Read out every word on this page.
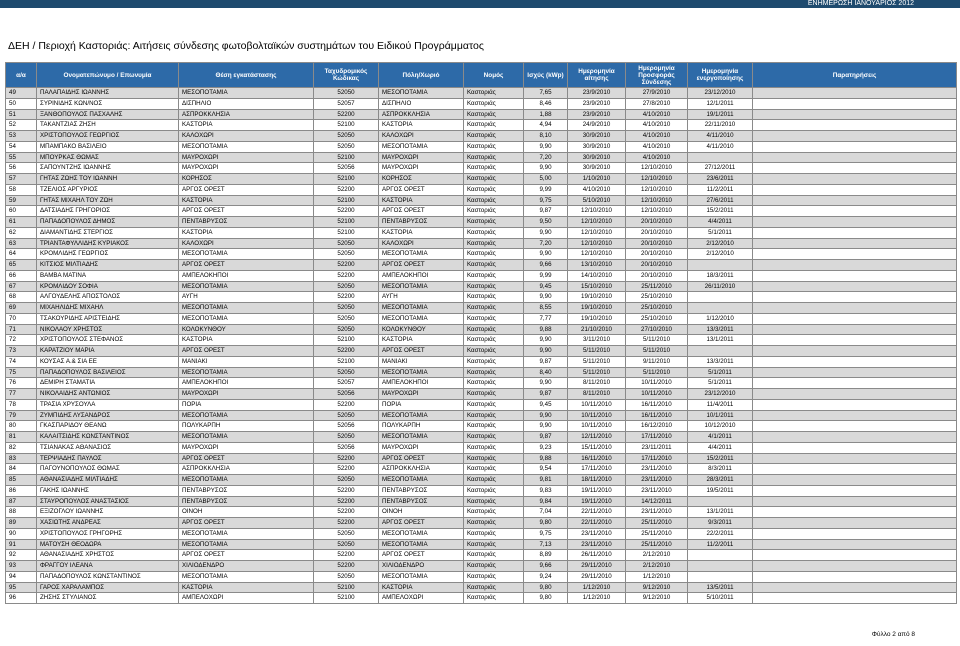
ΕΝΗΜΕΡΩΣΗ ΙΑΝΟΥΑΡΙΟΣ 2012
ΔΕΗ / Περιοχή Καστοριάς: Αιτήσεις σύνδεσης φωτοβολταϊκών συστημάτων του Ειδικού Προγράμματος
α/α	Ονοματεπώνυμο / Επωνυμία	Θέση εγκατάστασης	Ταχυδρομικός Κώδικας	Πόλη/Χωριό	Νομός	Ισχύς (kWp)	Ημερομηνία αίτησης	Ημερομηνία Προσφοράς Σύνδεσης	Ημερομηνία ενεργοποίησης	Παρατηρήσεις
49	ΠΑΛΑΠΑΙΔΗΣ ΙΩΑΝΝΗΣ	ΜΕΣΟΠΟΤΑΜΙΑ	52050	ΜΕΣΟΠΟΤΑΜΙΑ	Καστοριάς	7,65	23/9/2010	27/9/2010	23/12/2010	
50	ΣΥΡΙΝΙΔΗΣ ΚΩΝ/ΝΟΣ	ΔΙΣΠΗΛΙΟ	52057	ΔΙΣΠΗΛΙΟ	Καστοριάς	8,46	23/9/2010	27/8/2010	12/1/2011	
51	ΞΑΝΘΟΠΟΥΛΟΣ ΠΑΣΧΑΛΗΣ	ΑΣΠΡΟΚΚΛΗΣΙΑ	52200	ΑΣΠΡΟΚΚΛΗΣΙΑ	Καστοριάς	1,88	23/9/2010	4/10/2010	19/1/2011	
52	ΤΑΚΑΝΤΖΙΑΣ ΖΗΣΗ	ΚΑΣΤΟΡΙΑ	52100	ΚΑΣΤΟΡΙΑ	Καστοριάς	4,94	24/9/2010	4/10/2010	22/11/2010	
53	ΧΡΙΣΤΟΠΟΥΛΟΣ ΓΕΩΡΓΙΟΣ	ΚΑΛΟΧΩΡΙ	52050	ΚΑΛΟΧΩΡΙ	Καστοριάς	8,10	30/9/2010	4/10/2010	4/11/2010	
54	ΜΠΑΜΠΑΚΟ ΒΑΣΙΛΕΙΟ	ΜΕΣΟΠΟΤΑΜΙΑ	52050	ΜΕΣΟΠΟΤΑΜΙΑ	Καστοριάς	9,90	30/9/2010	4/10/2010	4/11/2010	
55	ΜΠΟΥΡΚΑΣ ΘΩΜΑΣ	ΜΑΥΡΟΧΩΡΙ	52100	ΜΑΥΡΟΧΩΡΙ	Καστοριάς	7,20	30/9/2010	4/10/2010		
56	ΣΑΠΟΥΝΤΖΗΣ ΙΩΑΝΝΗΣ	ΜΑΥΡΟΧΩΡΙ	52056	ΜΑΥΡΟΧΩΡΙ	Καστοριάς	9,90	30/9/2010	12/10/2010	27/12/2011	
57	ΓΗΤΑΣ ΖΩΗΣ ΤΟΥ ΙΩΑΝΝΗ	ΚΟΡΗΣΟΣ	52100	ΚΟΡΗΣΟΣ	Καστοριάς	5,00	1/10/2010	12/10/2010	23/6/2011	
58	ΤΖΕΛΙΟΣ ΑΡΓΥΡΙΟΣ	ΑΡΓΟΣ ΟΡΕΣΤ	52200	ΑΡΓΟΣ ΟΡΕΣΤ	Καστοριάς	9,99	4/10/2010	12/10/2010	11/2/2011	
59	ΓΗΤΑΣ ΜΙΧΑΗΛ ΤΟΥ ΖΩΗ	ΚΑΣΤΟΡΙΑ	52100	ΚΑΣΤΟΡΙΑ	Καστοριάς	9,75	5/10/2010	12/10/2010	27/6/2011	
60	ΔΑΤΣΙΑΔΗΣ ΓΡΗΓΟΡΙΟΣ	ΑΡΓΟΣ ΟΡΕΣΤ	52200	ΑΡΓΟΣ ΟΡΕΣΤ	Καστοριάς	9,87	12/10/2010	12/10/2010	15/2/2011	
61	ΠΑΠΑΔΟΠΟΥΛΟΣ ΔΗΜΟΣ	ΠΕΝΤΑΒΡΥΣΟΣ	52100	ΠΕΝΤΑΒΡΥΣΟΣ	Καστοριάς	9,50	12/10/2010	20/10/2010	4/4/2011	
62	ΔΙΑΜΑΝΤΙΔΗΣ ΣΤΕΡΓΙΟΣ	ΚΑΣΤΟΡΙΑ	52100	ΚΑΣΤΟΡΙΑ	Καστοριάς	9,90	12/10/2010	20/10/2010	5/1/2011	
63	ΤΡΙΑΝΤΑΦΥΛΛΙΔΗΣ ΚΥΡΙΑΚΟΣ	ΚΑΛΟΧΩΡΙ	52050	ΚΑΛΟΧΩΡΙ	Καστοριάς	7,20	12/10/2010	20/10/2010	2/12/2010	
64	ΚΡΟΜΛΙΔΗΣ ΓΕΩΡΓΙΟΣ	ΜΕΣΟΠΟΤΑΜΙΑ	52050	ΜΕΣΟΠΟΤΑΜΙΑ	Καστοριάς	9,90	12/10/2010	20/10/2010	2/12/2010	
65	ΚΙΤΣΙΟΣ ΜΙΛΤΙΑΔΗΣ	ΑΡΓΟΣ ΟΡΕΣΤ	52200	ΑΡΓΟΣ ΟΡΕΣΤ	Καστοριάς	9,66	13/10/2010	20/10/2010		
66	ΒΑΜΒΑ ΜΑΤΙΝΑ	ΑΜΠΕΛΟΚΗΠΟΙ	52200	ΑΜΠΕΛΟΚΗΠΟΙ	Καστοριάς	9,99	14/10/2010	20/10/2010	18/3/2011	
67	ΚΡΟΜΛΙΔΟΥ ΣΟΦΙΑ	ΜΕΣΟΠΟΤΑΜΙΑ	52050	ΜΕΣΟΠΟΤΑΜΙΑ	Καστοριάς	9,45	15/10/2010	25/11/2010	26/11/2010	
68	ΑΛΓΟΥΔΕΛΗΣ ΑΠΟΣΤΟΛΟΣ	ΑΥΓΗ	52200	ΑΥΓΗ	Καστοριάς	9,90	19/10/2010	25/10/2010		
69	ΜΙΧΑΗΛΙΔΗΣ ΜΙΧΑΗΛ	ΜΕΣΟΠΟΤΑΜΙΑ	52050	ΜΕΣΟΠΟΤΑΜΙΑ	Καστοριάς	8,55	19/10/2010	25/10/2010		
70	ΤΣΑΚΟΥΡΙΔΗΣ ΑΡΙΣΤΕΙΔΗΣ	ΜΕΣΟΠΟΤΑΜΙΑ	52050	ΜΕΣΟΠΟΤΑΜΙΑ	Καστοριάς	7,77	19/10/2010	25/10/2010	1/12/2010	
71	ΝΙΚΟΛΑΟΥ ΧΡΗΣΤΟΣ	ΚΟΛΟΚΥΝΘΟΥ	52050	ΚΟΛΟΚΥΝΘΟΥ	Καστοριάς	9,88	21/10/2010	27/10/2010	13/3/2011	
72	ΧΡΙΣΤΟΠΟΥΛΟΣ ΣΤΕΦΑΝΟΣ	ΚΑΣΤΟΡΙΑ	52100	ΚΑΣΤΟΡΙΑ	Καστοριάς	9,90	3/11/2010	5/11/2010	13/1/2011	
73	ΚΑΡΑΤΖΙΟΥ ΜΑΡΙΑ	ΑΡΓΟΣ ΟΡΕΣΤ	52200	ΑΡΓΟΣ ΟΡΕΣΤ	Καστοριάς	9,90	5/11/2010	5/11/2010		
74	ΚΟΥΣΑΣ Α.& ΣΙΑ ΕΕ	ΜΑΝΙΑΚΙ	52100	ΜΑΝΙΑΚΙ	Καστοριάς	9,87	5/11/2010	9/11/2010	13/3/2011	
75	ΠΑΠΑΔΟΠΟΥΛΟΣ ΒΑΣΙΛΕΙΟΣ	ΜΕΣΟΠΟΤΑΜΙΑ	52050	ΜΕΣΟΠΟΤΑΜΙΑ	Καστοριάς	8,40	5/11/2010	5/11/2010	5/1/2011	
76	ΔΕΜΙΡΗ ΣΤΑΜΑΤΙΑ	ΑΜΠΕΛΟΚΗΠΟΙ	52057	ΑΜΠΕΛΟΚΗΠΟΙ	Καστοριάς	9,90	8/11/2010	10/11/2010	5/1/2011	
77	ΝΙΚΟΛΑΙΔΗΣ ΑΝΤΩΝΙΟΣ	ΜΑΥΡΟΧΩΡΙ	52056	ΜΑΥΡΟΧΩΡΙ	Καστοριάς	9,87	8/11/2010	10/11/2010	23/12/2010	
78	ΤΡΑΣΙΑ ΧΡΥΣΟΥΛΑ	ΠΟΡΙΑ	52200	ΠΟΡΙΑ	Καστοριάς	9,45	10/11/2010	16/11/2010	11/4/2011	
79	ΖΥΜΠΙΔΗΣ ΛΥΣΑΝΔΡΟΣ	ΜΕΣΟΠΟΤΑΜΙΑ	52050	ΜΕΣΟΠΟΤΑΜΙΑ	Καστοριάς	9,90	10/11/2010	16/11/2010	10/1/2011	
80	ΓΚΑΣΠΑΡΙΔΟΥ ΘΕΑΝΩ	ΠΟΛΥΚΑΡΠΗ	52056	ΠΟΛΥΚΑΡΠΗ	Καστοριάς	9,90	10/11/2010	16/12/2010	10/12/2010	
81	ΚΑΛΑΙΤΣΙΔΗΣ ΚΩΝΣΤΑΝΤΙΝΟΣ	ΜΕΣΟΠΟΤΑΜΙΑ	52050	ΜΕΣΟΠΟΤΑΜΙΑ	Καστοριάς	9,87	12/11/2010	17/11/2010	4/1/2011	
82	ΤΣΙΑΝΑΚΑΣ ΑΘΑΝΑΣΙΟΣ	ΜΑΥΡΟΧΩΡΙ	52056	ΜΑΥΡΟΧΩΡΙ	Καστοριάς	9,23	15/11/2010	23/11/2011	4/4/2011	
83	ΤΕΡΨΙΑΔΗΣ ΠΑΥΛΟΣ	ΑΡΓΟΣ ΟΡΕΣΤ	52200	ΑΡΓΟΣ ΟΡΕΣΤ	Καστοριάς	9,88	16/11/2010	17/11/2010	15/2/2011	
84	ΠΑΓΟΥΝΟΠΟΥΛΟΣ ΘΩΜΑΣ	ΑΣΠΡΟΚΚΛΗΣΙΑ	52200	ΑΣΠΡΟΚΚΛΗΣΙΑ	Καστοριάς	9,54	17/11/2010	23/11/2010	8/3/2011	
85	ΑΘΑΝΑΣΙΑΔΗΣ ΜΙΛΤΙΑΔΗΣ	ΜΕΣΟΠΟΤΑΜΙΑ	52050	ΜΕΣΟΠΟΤΑΜΙΑ	Καστοριάς	9,81	18/11/2010	23/11/2010	28/3/2011	
86	ΓΑΚΗΣ ΙΩΑΝΝΗΣ	ΠΕΝΤΑΒΡΥΣΟΣ	52200	ΠΕΝΤΑΒΡΥΣΟΣ	Καστοριάς	9,83	19/11/2010	23/11/2010	19/5/2011	
87	ΣΤΑΥΡΟΠΟΥΛΟΣ ΑΝΑΣΤΑΣΙΟΣ	ΠΕΝΤΑΒΡΥΣΟΣ	52200	ΠΕΝΤΑΒΡΥΣΟΣ	Καστοριάς	9,84	19/11/2010	14/12/2011		
88	ΕΞΙΖΟΓΛΟΥ ΙΩΑΝΝΗΣ	ΟΙΝΟΗ	52200	ΟΙΝΟΗ	Καστοριάς	7,04	22/11/2010	23/11/2010	13/1/2011	
89	ΧΑΣΙΩΤΗΣ ΑΝΔΡΕΑΣ	ΑΡΓΟΣ ΟΡΕΣΤ	52200	ΑΡΓΟΣ ΟΡΕΣΤ	Καστοριάς	9,80	22/11/2010	25/11/2010	9/3/2011	
90	ΧΡΙΣΤΟΠΟΥΛΟΣ ΓΡΗΓΟΡΗΣ	ΜΕΣΟΠΟΤΑΜΙΑ	52050	ΜΕΣΟΠΟΤΑΜΙΑ	Καστοριάς	9,75	23/11/2010	25/11/2010	22/2/2011	
91	ΜΑΤΟΥΣΗ ΘΕΟΔΩΡΑ	ΜΕΣΟΠΟΤΑΜΙΑ	52050	ΜΕΣΟΠΟΤΑΜΙΑ	Καστοριάς	7,13	23/11/2010	25/11/2010	11/2/2011	
92	ΑΘΑΝΑΣΙΑΔΗΣ ΧΡΗΣΤΟΣ	ΑΡΓΟΣ ΟΡΕΣΤ	52200	ΑΡΓΟΣ ΟΡΕΣΤ	Καστοριάς	8,89	26/11/2010	2/12/2010		
93	ΦΡΑΓΓΟΥ ΙΛΕΑΝΑ	ΧΙΛΙΟΔΕΝΔΡΟ	52200	ΧΙΛΙΟΔΕΝΔΡΟ	Καστοριάς	9,66	29/11/2010	2/12/2010		
94	ΠΑΠΑΔΟΠΟΥΛΟΣ ΚΩΝΣΤΑΝΤΙΝΟΣ	ΜΕΣΟΠΟΤΑΜΙΑ	52050	ΜΕΣΟΠΟΤΑΜΙΑ	Καστοριάς	9,24	29/11/2010	1/12/2010		
95	ΓΑΡΟΣ ΧΑΡΑΛΑΜΠΟΣ	ΚΑΣΤΟΡΙΑ	52100	ΚΑΣΤΟΡΙΑ	Καστοριάς	9,80	1/12/2010	9/12/2010	13/5/2011	
96	ΖΗΣΗΣ ΣΤΥΛΙΑΝΟΣ	ΑΜΠΕΛΟΧΩΡΙ	52100	ΑΜΠΕΛΟΧΩΡΙ	Καστοριάς	9,80	1/12/2010	9/12/2010	5/10/2011	
Φύλλο 2 από 8
